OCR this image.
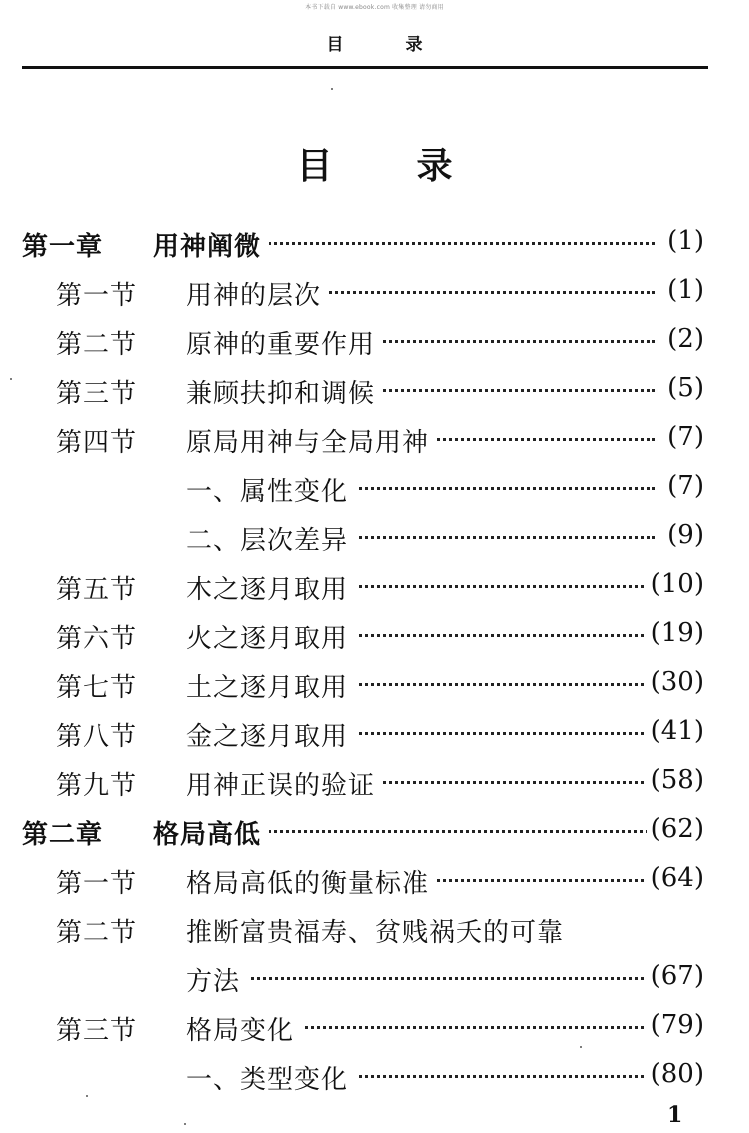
本书下载自 www.ebook.com 收集整理 请勿商用
目录
目录
第一章 用神阐微	(1)
第一节 用神的层次	(1)
第二节 原神的重要作用	(2)
第三节 兼顾扶抑和调候	(5)
第四节 原局用神与全局用神	(7)
一、属性变化	(7)
二、层次差异	(9)
第五节 木之逐月取用	(10)
第六节 火之逐月取用	(19)
第七节 土之逐月取用	(30)
第八节 金之逐月取用	(41)
第九节 用神正误的验证	(58)
第二章 格局高低	(62)
第一节 格局高低的衡量标准	(64)
第二节 推断富贵福寿、贫贱祸夭的可靠
方法	(67)
第三节 格局变化	(79)
一、类型变化	(80)
1
